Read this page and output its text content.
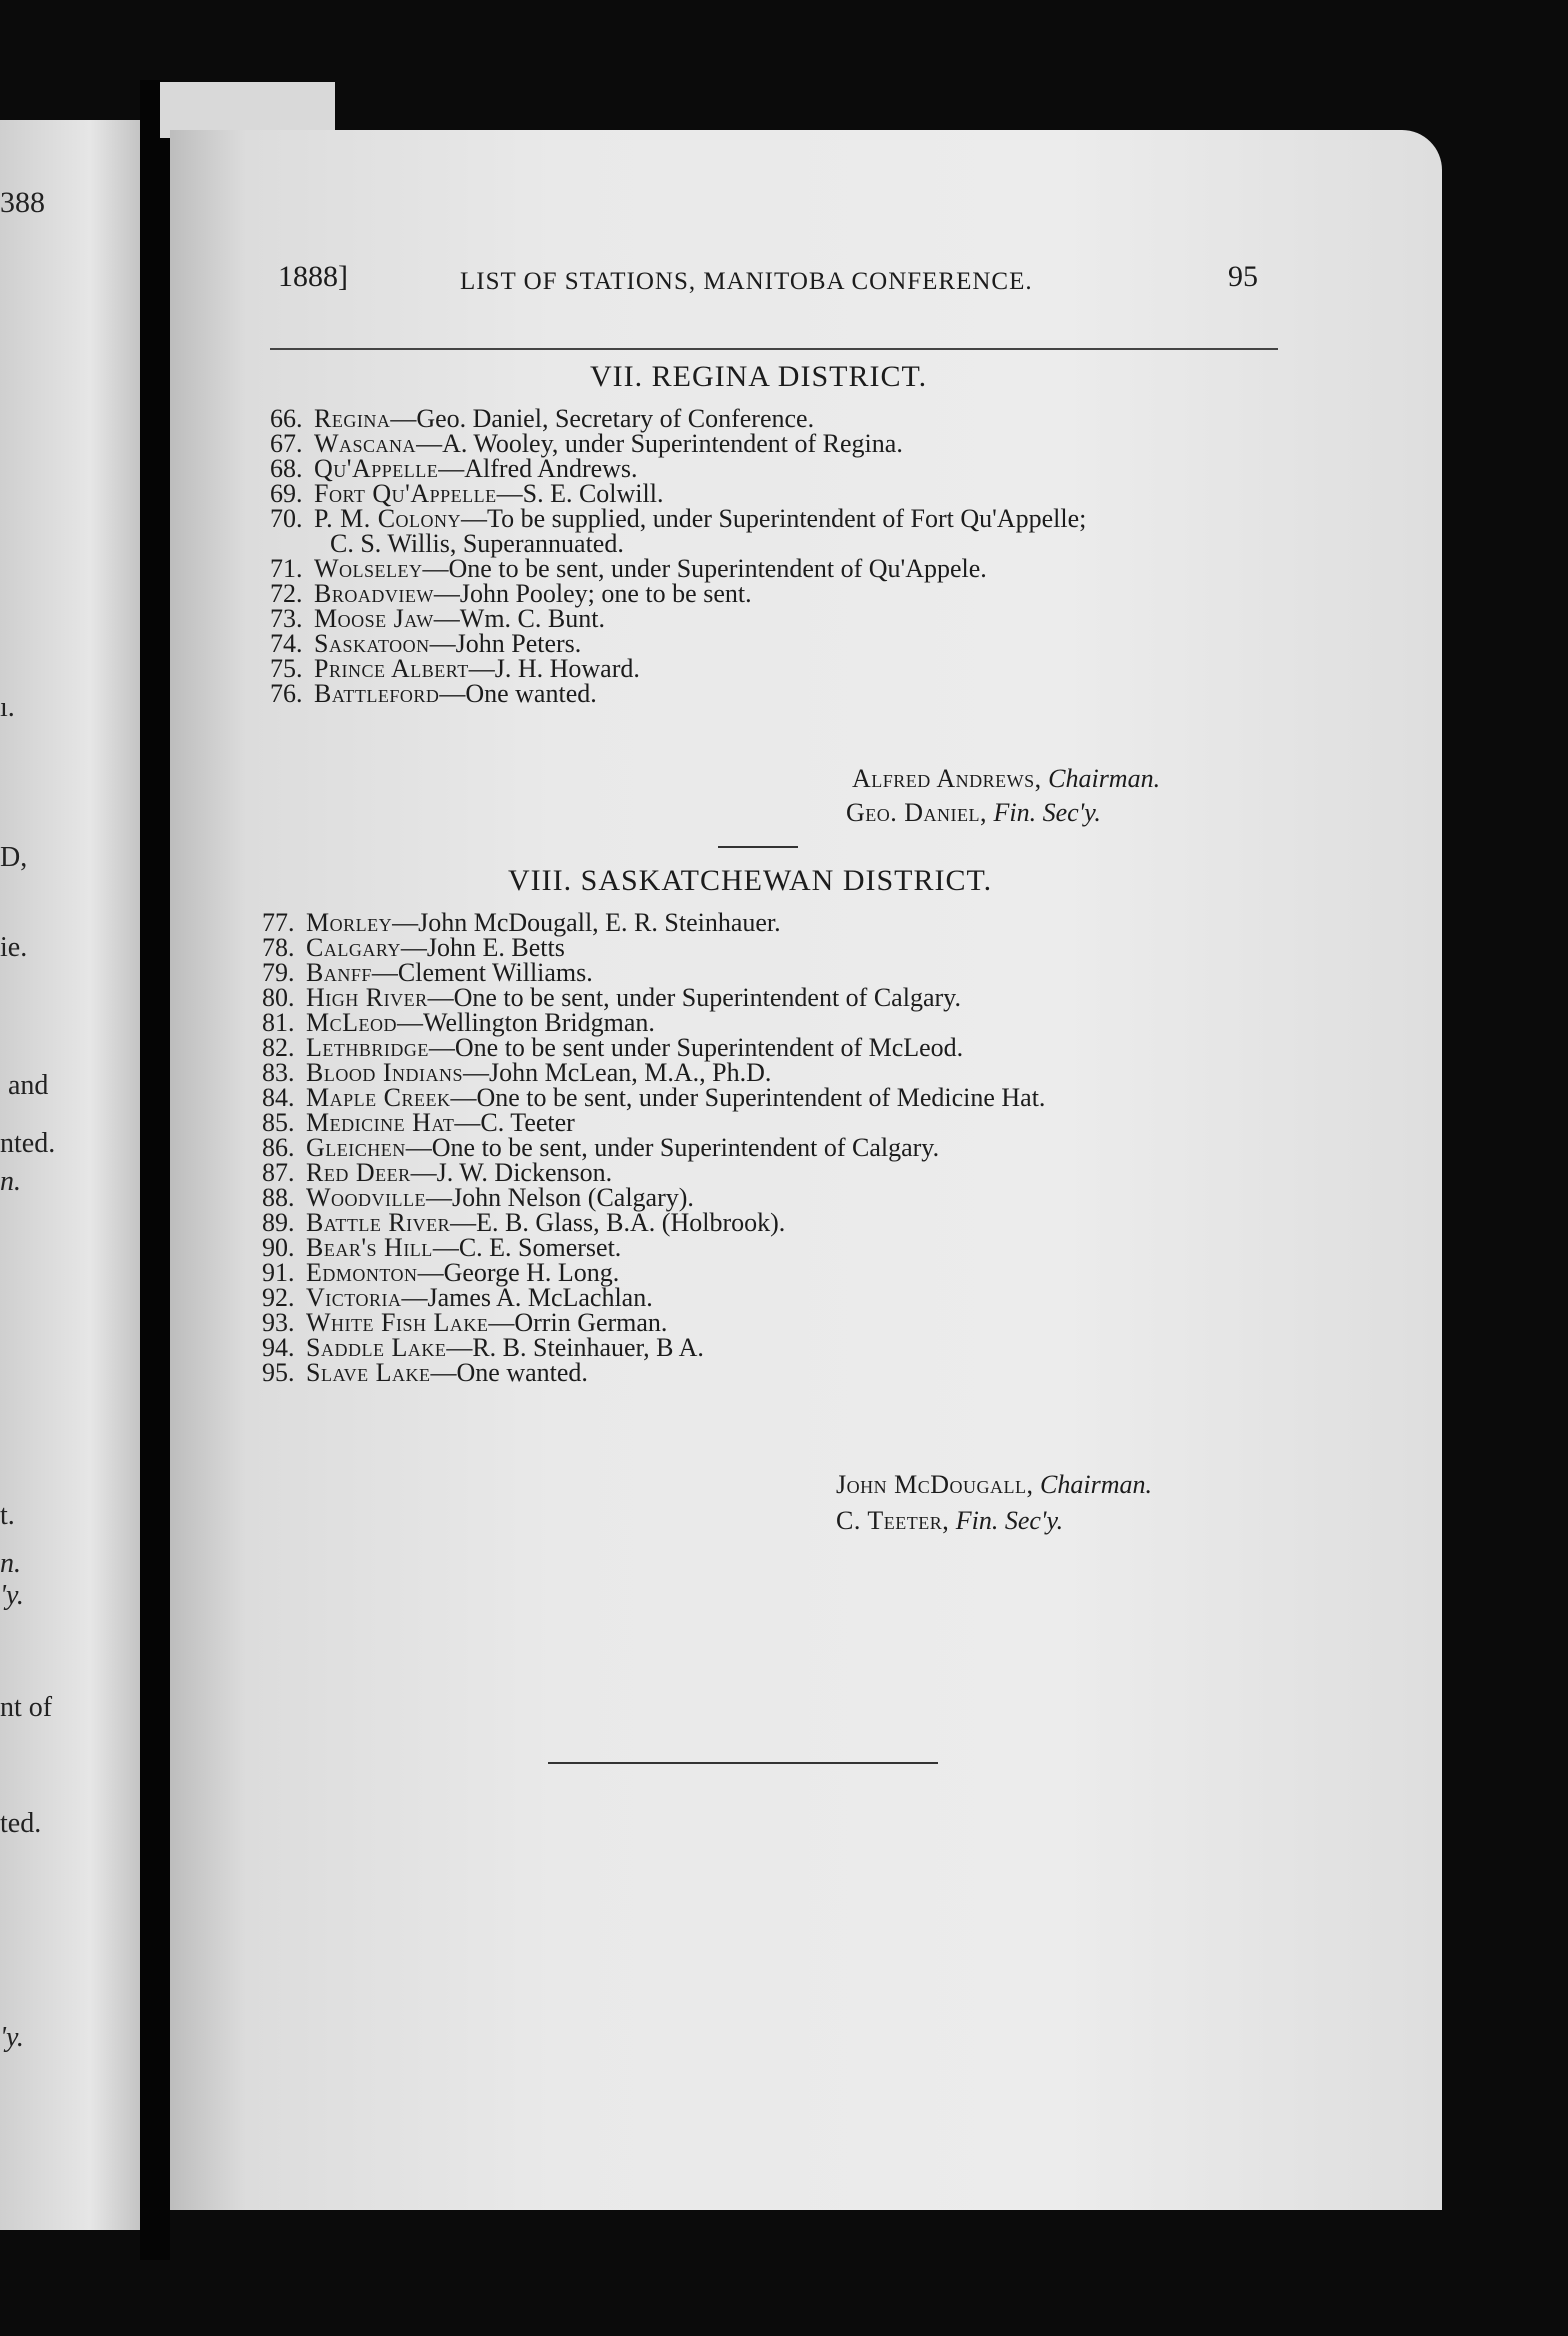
388
ı.
D,
ie.
and
nted.
n.
t.
n.
'y.
nt of
ted.
'y.
1888]	LIST OF STATIONS, MANITOBA CONFERENCE.	95
VII. REGINA DISTRICT.
66. Regina—Geo. Daniel, Secretary of Conference.
67. Wascana—A. Wooley, under Superintendent of Regina.
68. Qu'Appelle—Alfred Andrews.
69. Fort Qu'Appelle—S. E. Colwill.
70. P. M. Colony—To be supplied, under Superintendent of Fort Qu'Appelle;
C. S. Willis, Superannuated.
71. Wolseley—One to be sent, under Superintendent of Qu'Appele.
72. Broadview—John Pooley; one to be sent.
73. Moose Jaw—Wm. C. Bunt.
74. Saskatoon—John Peters.
75. Prince Albert—J. H. Howard.
76. Battleford—One wanted.
Alfred Andrews, Chairman.
Geo. Daniel, Fin. Sec'y.
VIII. SASKATCHEWAN DISTRICT.
77. Morley—John McDougall, E. R. Steinhauer.
78. Calgary—John E. Betts
79. Banff—Clement Williams.
80. High River—One to be sent, under Superintendent of Calgary.
81. McLeod—Wellington Bridgman.
82. Lethbridge—One to be sent under Superintendent of McLeod.
83. Blood Indians—John McLean, M.A., Ph.D.
84. Maple Creek—One to be sent, under Superintendent of Medicine Hat.
85. Medicine Hat—C. Teeter
86. Gleichen—One to be sent, under Superintendent of Calgary.
87. Red Deer—J. W. Dickenson.
88. Woodville—John Nelson (Calgary).
89. Battle River—E. B. Glass, B.A. (Holbrook).
90. Bear's Hill—C. E. Somerset.
91. Edmonton—George H. Long.
92. Victoria—James A. McLachlan.
93. White Fish Lake—Orrin German.
94. Saddle Lake—R. B. Steinhauer, B A.
95. Slave Lake—One wanted.
John McDougall, Chairman.
C. Teeter, Fin. Sec'y.
